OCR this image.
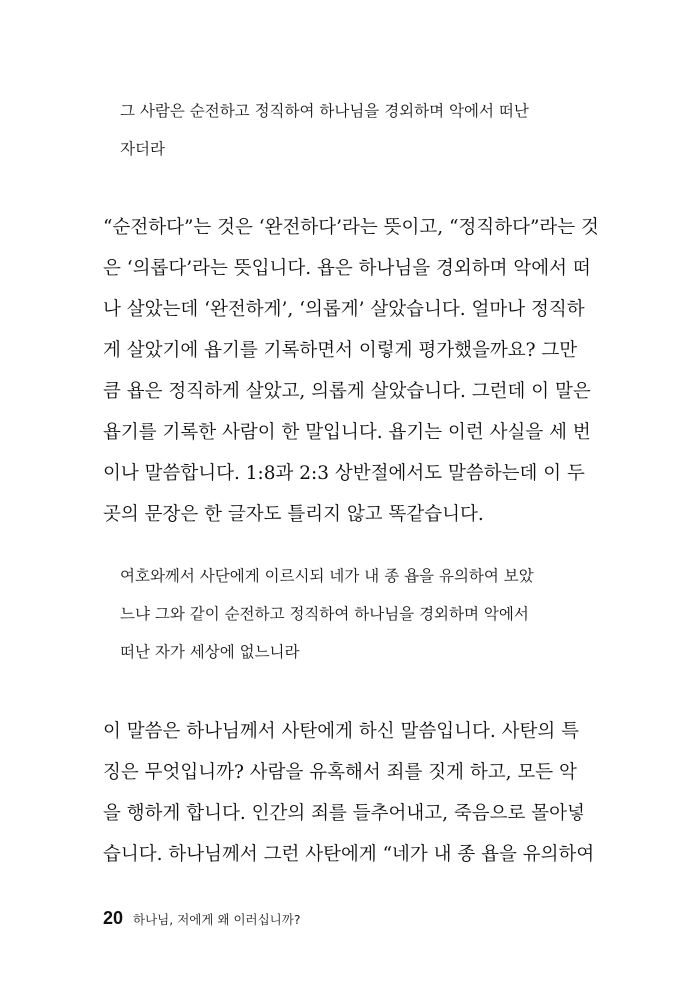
그 사람은 순전하고 정직하여 하나님을 경외하며 악에서 떠난
자더라
“순전하다”는 것은 ‘완전하다’라는 뜻이고, “정직하다”라는 것
은 ‘의롭다’라는 뜻입니다. 욥은 하나님을 경외하며 악에서 떠
나 살았는데 ‘완전하게’, ‘의롭게’ 살았습니다. 얼마나 정직하
게 살았기에 욥기를 기록하면서 이렇게 평가했을까요? 그만
큼 욥은 정직하게 살았고, 의롭게 살았습니다. 그런데 이 말은
욥기를 기록한 사람이 한 말입니다. 욥기는 이런 사실을 세 번
이나 말씀합니다. 1:8과 2:3 상반절에서도 말씀하는데 이 두
곳의 문장은 한 글자도 틀리지 않고 똑같습니다.
여호와께서 사단에게 이르시되 네가 내 종 욥을 유의하여 보았
느냐 그와 같이 순전하고 정직하여 하나님을 경외하며 악에서
떠난 자가 세상에 없느니라
이 말씀은 하나님께서 사탄에게 하신 말씀입니다. 사탄의 특
징은 무엇입니까? 사람을 유혹해서 죄를 짓게 하고, 모든 악
을 행하게 합니다. 인간의 죄를 들추어내고, 죽음으로 몰아넣
습니다. 하나님께서 그런 사탄에게 “네가 내 종 욥을 유의하여
20 하나님, 저에게 왜 이러십니까?
